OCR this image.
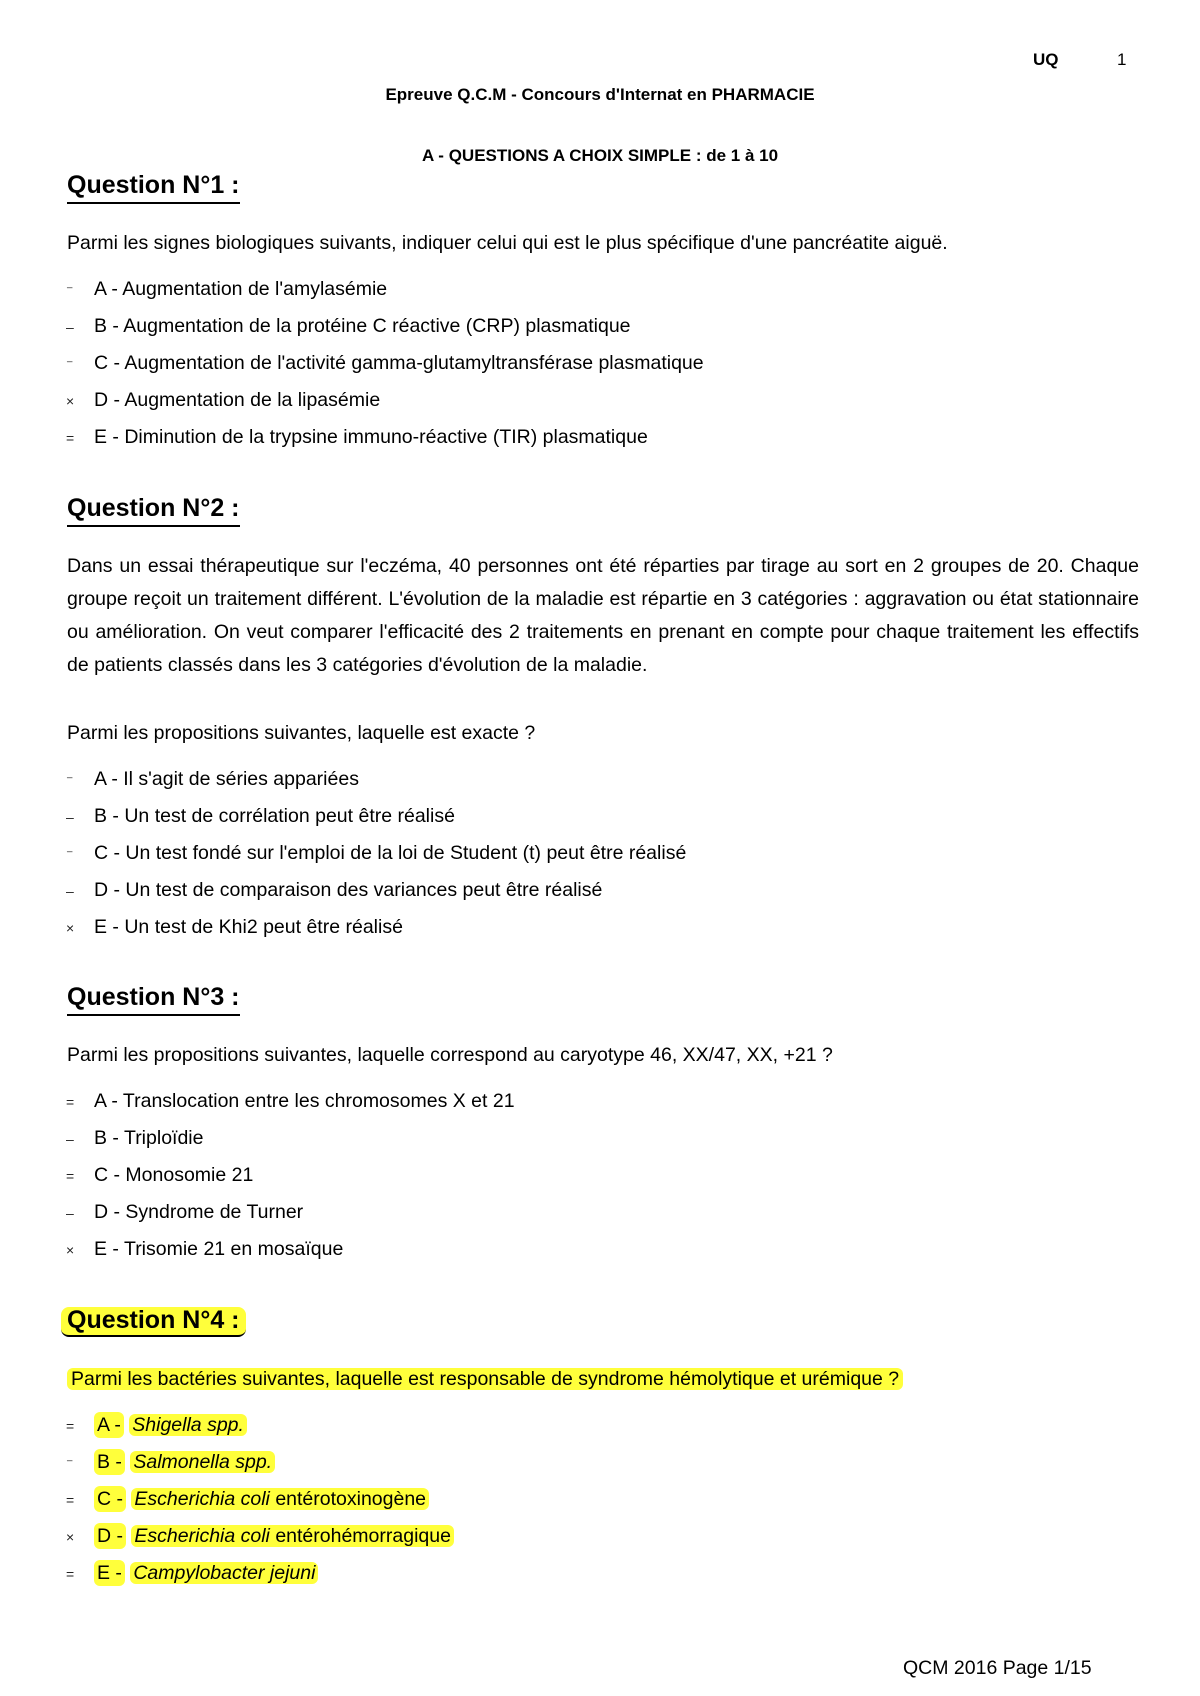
UQ	1
Epreuve Q.C.M - Concours d'Internat en PHARMACIE
A - QUESTIONS A CHOIX SIMPLE : de 1 à 10
Question N°1 :
Parmi les signes biologiques suivants, indiquer celui qui est le plus spécifique d'une pancréatite aiguë.
⁻ A - Augmentation de l'amylasémie
– B - Augmentation de la protéine C réactive (CRP) plasmatique
⁻ C - Augmentation de l'activité gamma-glutamyltransférase plasmatique
× D - Augmentation de la lipasémie
= E - Diminution de la trypsine immuno-réactive (TIR) plasmatique
Question N°2 :
Dans un essai thérapeutique sur l'eczéma, 40 personnes ont été réparties par tirage au sort en 2 groupes de 20. Chaque groupe reçoit un traitement différent. L'évolution de la maladie est répartie en 3 catégories : aggravation ou état stationnaire ou amélioration. On veut comparer l'efficacité des 2 traitements en prenant en compte pour chaque traitement les effectifs de patients classés dans les 3 catégories d'évolution de la maladie.
Parmi les propositions suivantes, laquelle est exacte ?
⁻ A - Il s'agit de séries appariées
– B - Un test de corrélation peut être réalisé
⁻ C - Un test fondé sur l'emploi de la loi de Student (t) peut être réalisé
– D - Un test de comparaison des variances peut être réalisé
× E - Un test de Khi2 peut être réalisé
Question N°3 :
Parmi les propositions suivantes, laquelle correspond au caryotype 46, XX/47, XX, +21 ?
= A - Translocation entre les chromosomes X et 21
– B - Triploïdie
= C - Monosomie 21
– D - Syndrome de Turner
× E - Trisomie 21 en mosaïque
Question N°4 :
Parmi les bactéries suivantes, laquelle est responsable de syndrome hémolytique et urémique ?
= A - Shigella spp.
⁻ B - Salmonella spp.
= C - Escherichia coli entérotoxinogène
× D - Escherichia coli entérohémorragique
= E - Campylobacter jejuni
QCM 2016 Page 1/15
